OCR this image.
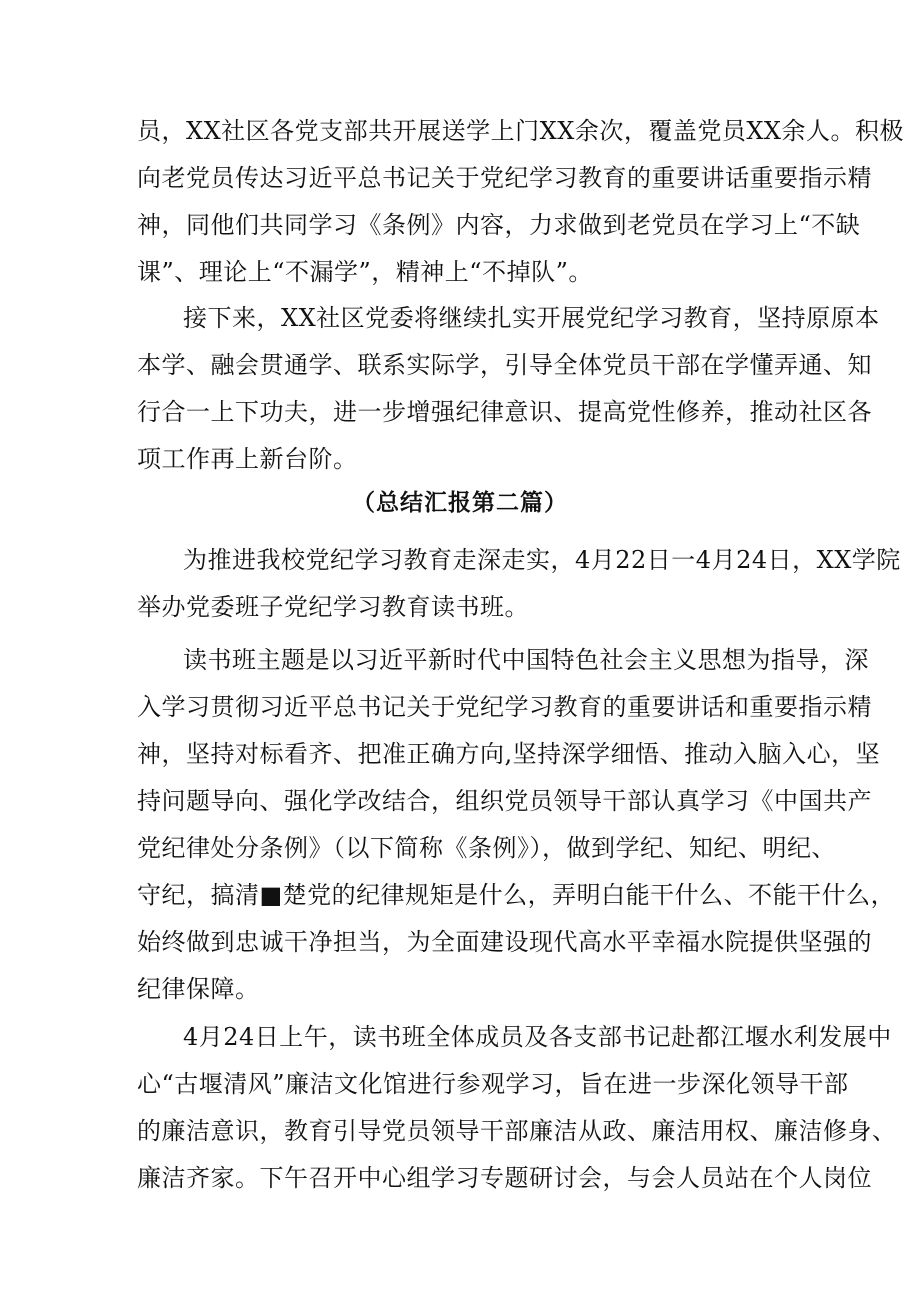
员，XX社区各党支部共开展送学上门XX余次，覆盖党员XX余人。积极
向老党员传达习近平总书记关于党纪学习教育的重要讲话重要指示精
神，同他们共同学习《条例》内容，力求做到老党员在学习上“不缺
课”、理论上“不漏学”，精神上“不掉队”。
接下来，XX社区党委将继续扎实开展党纪学习教育，坚持原原本
本学、融会贯通学、联系实际学，引导全体党员干部在学懂弄通、知
行合一上下功夫，进一步增强纪律意识、提高党性修养，推动社区各
项工作再上新台阶。
（总结汇报第二篇）
为推进我校党纪学习教育走深走实，4月22日一4月24日，XX学院
举办党委班子党纪学习教育读书班。
读书班主题是以习近平新时代中国特色社会主义思想为指导，深
入学习贯彻习近平总书记关于党纪学习教育的重要讲话和重要指示精
神，坚持对标看齐、把准正确方向,坚持深学细悟、推动入脑入心，坚
持问题导向、强化学改结合，组织党员领导干部认真学习《中国共产
党纪律处分条例》（以下简称《条例》），做到学纪、知纪、明纪、
守纪，搞清■楚党的纪律规矩是什么，弄明白能干什么、不能干什么，
始终做到忠诚干净担当，为全面建设现代高水平幸福水院提供坚强的
纪律保障。
4月24日上午，读书班全体成员及各支部书记赴都江堰水利发展中
心“古堰清风”廉洁文化馆进行参观学习，旨在进一步深化领导干部
的廉洁意识，教育引导党员领导干部廉洁从政、廉洁用权、廉洁修身、
廉洁齐家。下午召开中心组学习专题研讨会，与会人员站在个人岗位
